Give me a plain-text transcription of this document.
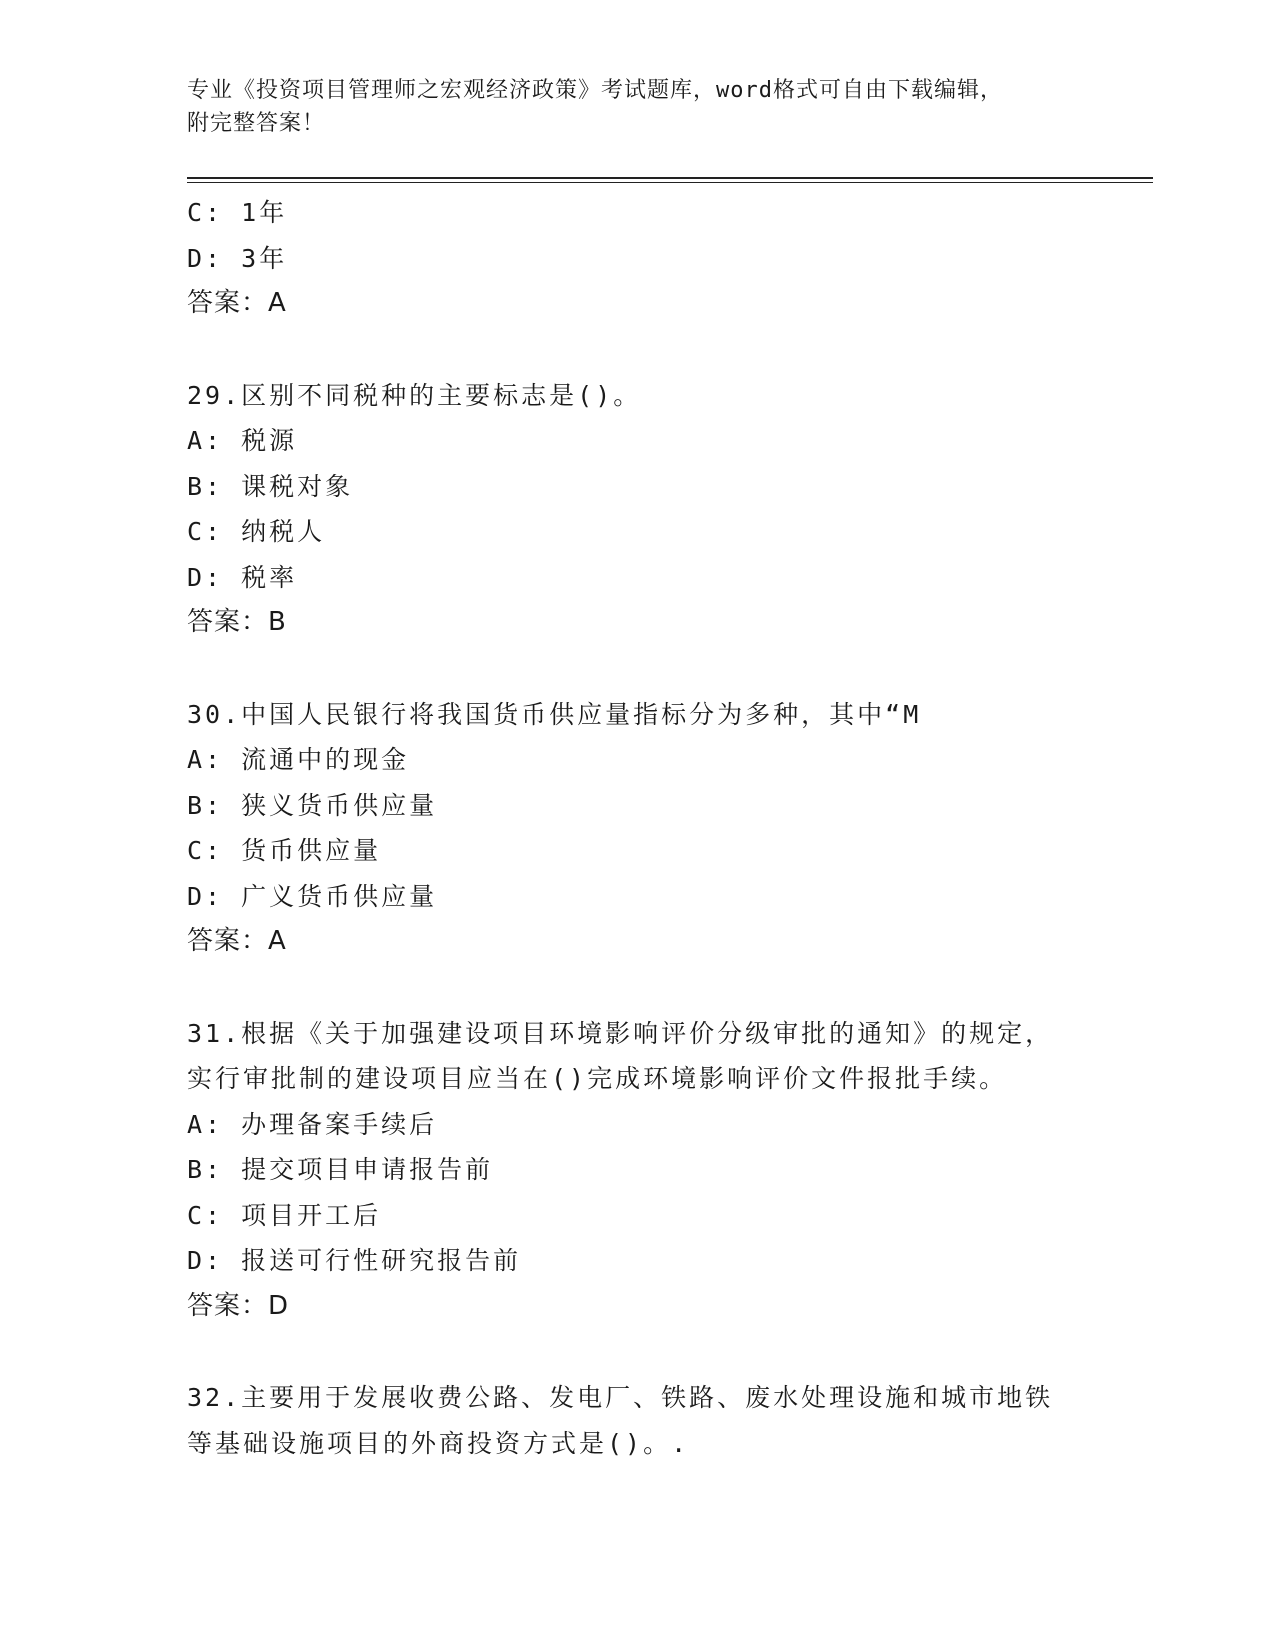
专业《投资项目管理师之宏观经济政策》考试题库，word格式可自由下载编辑，
附完整答案！
C: 1年
D: 3年
答案：A
29.区别不同税种的主要标志是()。
A: 税源
B: 课税对象
C: 纳税人
D: 税率
答案：B
30.中国人民银行将我国货币供应量指标分为多种，其中“M
A: 流通中的现金
B: 狭义货币供应量
C: 货币供应量
D: 广义货币供应量
答案：A
31.根据《关于加强建设项目环境影响评价分级审批的通知》的规定，
实行审批制的建设项目应当在()完成环境影响评价文件报批手续。
A: 办理备案手续后
B: 提交项目申请报告前
C: 项目开工后
D: 报送可行性研究报告前
答案：D
32.主要用于发展收费公路、发电厂、铁路、废水处理设施和城市地铁
等基础设施项目的外商投资方式是()。.
